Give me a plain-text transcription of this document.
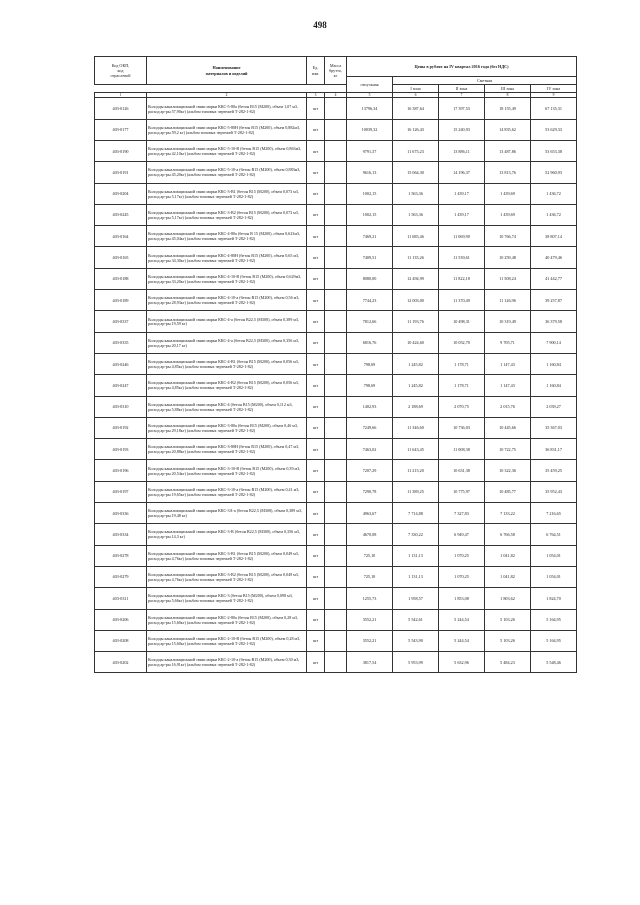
498
Код ОКП,
код
отраслевой	Наименование
материалов и изделий	Ед.
изм.	Масса
брутто,
кг	Цены в рублях на IV квартал 2016 года (без НДС)				
				отпускная	Сметная			
					I зона	II зона	III зона	IV зона
1	2	3	4	5	6	7	8	9
403-0126	Колодцы канализационной связи марки ККС-5-80а (бетон В15 (М200), объем 1,07 м3, расход ар-ры 57,90кг) (альбом типовых чертежей Т-282-1-82)	шт		13796,34	16 387,64	17 397,53	18 155,49	67 135,31
403-0177	Колодцы канализационной связи марки ККС-5-80Н (бетон В15 (М200), объем 0,882м3, расход ар-ры 59,2 кг) (альбом типовых чертежей Т-282-1-82)	шт		10039,32	16 126,43	15 240,93	14 835,62	53 629,33
403-0190	Колодцы канализационной связи марки ККС-5-10-В (бетон В15 (М200), объем 0,863м3, расход ар-ры 42,10кг) (альбом типовых чертежей Т-282-1-82)	шт		9791,37	11 675,23	13 886,11	13 487,86	53 653,38
403-0191	Колодцы канализационной связи марки ККС-5-10-а (бетон В15 (М200), объем 0,883м3, расход ар-ры 45,20кг) (альбом типовых чертежей Т-282-1-82)	шт		9616,13	15 064,30	14 196,37	13 813,76	52 960,93
403-0204	Колодцы канализационной связи марки ККС-3-В1 (бетон В15 (М200), объем 0,073 м3, расход ар-ры 5,17кг) (альбом типовых чертежей Т-282-1-82)	шт		1002,15	1 563,36	1 439,17	1 439,69	1 436,72
403-0245	Колодцы канализационной связи марки ККС-3-В2 (бетон В15 (М200), объем 0,073 м3, расход ар-ры 5,17кг) (альбом типовых чертежей Т-282-1-82)	шт		1002,15	1 563,36	1 439,17	1 439,69	1 436,72
403-0164	Колодцы канализационной связи марки ККС-4-80а (бетон В 15 (М200), объем 0,623м3, расход ар-ры 45,04кг) (альбом типовых чертежей Т-282-1-82)	шт		7469,21	11 685,46	11 069,90	10 766,74	38 807,14
403-0165	Колодцы канализационной связи марки ККС-4-80Н (бетон В15 (М200), объем 0,65 м3, расход ар-ры 34,30кг) (альбом типовых чертежей Т-282-1-82)	шт		7409,51	11 135,26	11 539,61	10 259,48	40 479,46
403-0188	Колодцы канализационной связи марки ККС-4-10-В (бетон В15 (М200), объем 0,629м3, расход ар-ры 33,20кг) (альбом типовых чертежей Т-282-1-82)	шт		8080,00	12 494,99	11 822,18	11 508,24	41 442,77
403-0189	Колодцы канализационной связи марки ККС-4-10-а (бетон В15 (М200), объем 0,56 м3, расход ар-ры 28,93кг) (альбом типовых чертежей Т-282-1-82)	шт		7744,23	12 003,00	11 370,49	11 126,96	39 257,87
403-0337	Колодцы канализационной связи марки ККС-4-а (бетон В22,5 (М300), объем 0,389 м3, расход ар-ры 19,59 кг)	шт		7812,66	11 193,76	10 498,31	10 319,49	36 379,58
403-0335	Колодцы канализационной связи марки ККС-4-а (бетон В22,5 (М300), объем 0,356 м3, расход ар-ры 20,17 кг)	шт		6816,76	10 424,60	10 052,70	9 705,71	7 900,14
403-0246	Колодцы канализационной связи марки ККС-4-В1 (бетон В15 (М200), объем 0,056 м3, расход ар-ры 4,85кг) (альбом типовых чертежей Т-282-1-82)	шт		798,69	1 245,82	1 178,71	1 147,43	1 160,84
403-0247	Колодцы канализационной связи марки ККС-4-В2 (бетон В15 (М200), объем 0,056 м3, расход ар-ры 4,85кг) (альбом типовых чертежей Т-282-1-82)	шт		798,69	1 245,82	1 178,71	1 147,43	1 160,84
403-0310	Колодцы канализационной связи марки ККС-4 (бетон В15 (М200), объем 0,112 м3, расход ар-ры 5,88кг) (альбом типовых чертежей Т-282-1-82)	шт		1402,93	2 188,69	2 070,75	2 015,76	2 039,27
403-0192	Колодцы канализационной связи марки ККС-3-80а (бетон В15 (М200), объем 0,46 м3, расход ар-ры 29,18кг) (альбом типовых чертежей Т-282-1-82)	шт		7249,66	11 346,60	10 736,03	10 445,66	35 367,03
403-0193	Колодцы канализационной связи марки ККС-3-80Н (бетон В15 (М200), объем 0,47 м3, расход ар-ры 20,88кг) (альбом типовых чертежей Т-282-1-82)	шт		7463,02	11 643,45	11 008,38	10 722,75	36 831,17
403-0196	Колодцы канализационной связи марки ККС-3-10-В (бетон В15 (М200), объем 0,39 м3, расход ар-ры 20,54кг) (альбом типовых чертежей Т-282-1-82)	шт		7207,29	11 215,20	10 631,38	10 322,36	35 459,25
403-0197	Колодцы канализационной связи марки ККС-3-10-а (бетон В15 (М200), объем 0,41 м3, расход ар-ры 19,65кг) (альбом типовых чертежей Т-282-1-82)	шт		7290,78	11 389,25	10 775,97	10 485,77	35 952,43
403-0336	Колодцы канализационной связи марки ККС-3А-а (бетон В22,5 (М300), объем 0,389 м3, расход ар-ры 19,48 кг)	шт		4963,67	7 714,88	7 327,83	7 133,22	7 216,65
403-0334	Колодцы канализационной связи марки ККС-3-В (бетон В22,5 (М300), объем 0,356 м3, расход ар-ры 14,3 кг)	шт		4670,08	7 330,22	6 949,47	6 766,58	6 764,51
403-0278	Колодцы канализационной связи марки ККС-3-В1 (бетон В15 (М200), объем 0,049 м3, расход ар-ры 4,76кг) (альбом типовых чертежей Т-282-1-82)	шт		725,10	1 131,13	1 070,25	1 041,82	1 054,01
403-0279	Колодцы канализационной связи марки ККС-3-В2 (бетон В15 (М200), объем 0,049 м3, расход ар-ры 4,76кг) (альбом типовых чертежей Т-282-1-82)	шт		725,10	1 131,13	1 070,25	1 041,82	1 054,01
403-0311	Колодцы канализационной связи марки ККС-3 (бетон В15 (М200), объем 0,098 м3, расход ар-ры 5,66кг) (альбом типовых чертежей Т-282-1-82)	шт		1255,73	1 958,57	1 853,08	1 803,62	1 824,70
403-0206	Колодцы канализационной связи марки ККС-2-80а (бетон В15 (М200), объем 0,28 м3, расход ар-ры 15,60кг) (альбом типовых чертежей Т-282-1-82)	шт		3552,21	5 542,61	5 244,54	5 103,26	5 164,95
403-0208	Колодцы канализационной связи марки ККС-2-10-В (бетон В15 (М200), объем 0,28 м3, расход ар-ры 15,60кг) (альбом типовых чертежей Т-282-1-82)	шт		3552,21	5 543,90	5 244,54	5 103,26	5 164,95
403-0202	Колодцы канализационной связи марки ККС-2-10-а (бетон В15 (М200), объем 0,30 м3, расход ар-ры 16,91кг) (альбом типовых чертежей Т-282-1-82)	шт		3817,54	5 953,99	5 632,96	5 484,23	5 548,46
